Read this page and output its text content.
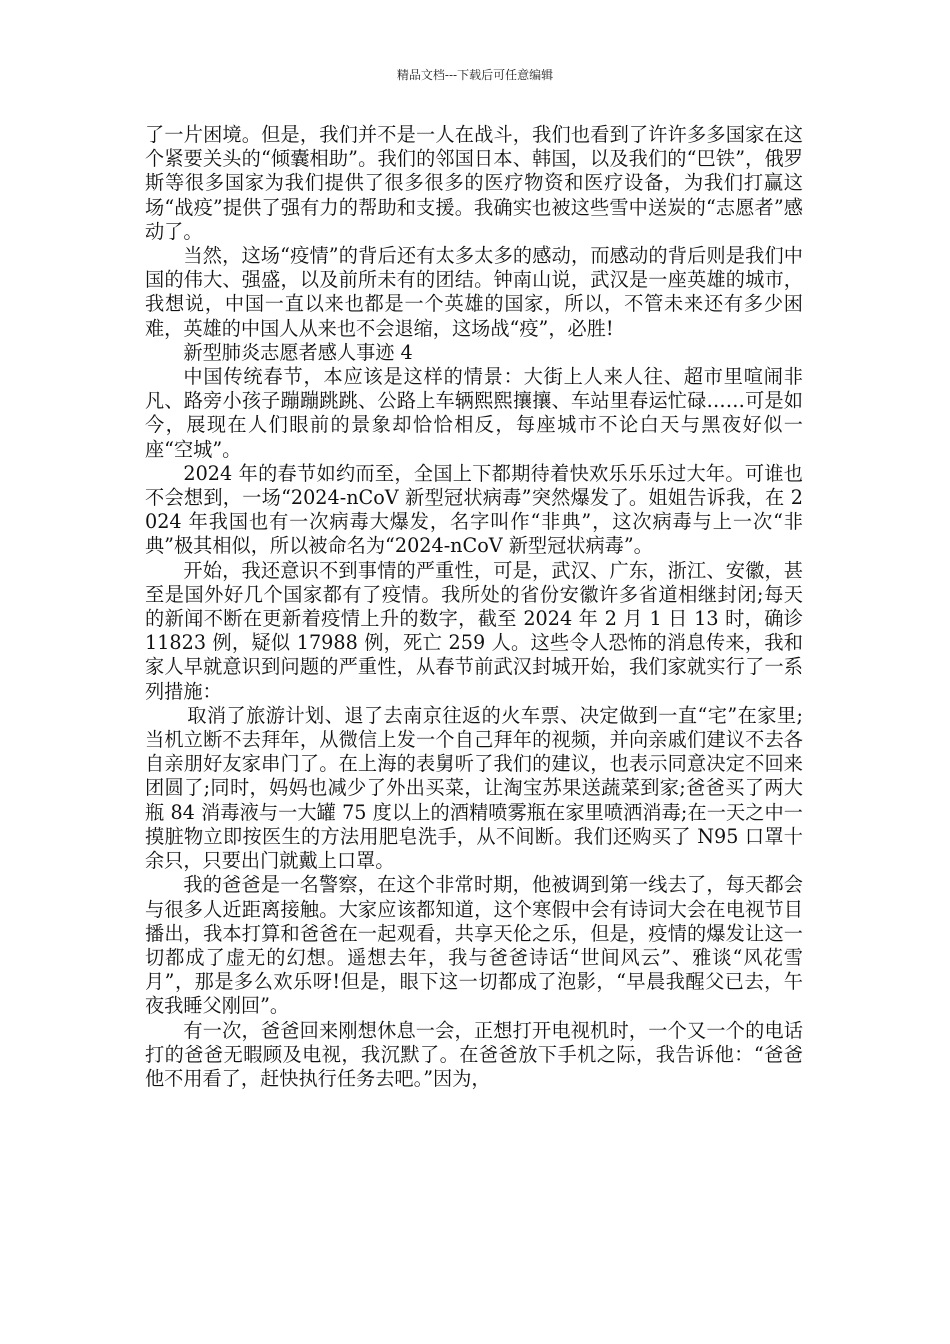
精品文档---下载后可任意编辑

了一片困境。但是，我们并不是一人在战斗，我们也看到了许许多多国家在这个紧要关头的“倾囊相助”。我们的邻国日本、韩国，以及我们的“巴铁”，俄罗斯等很多国家为我们提供了很多很多的医疗物资和医疗设备，为我们打赢这场“战疫”提供了强有力的帮助和支援。我确实也被这些雪中送炭的“志愿者”感动了。

当然，这场“疫情”的背后还有太多太多的感动，而感动的背后则是我们中国的伟大、强盛，以及前所未有的团结。钟南山说，武汉是一座英雄的城市，我想说，中国一直以来也都是一个英雄的国家，所以，不管未来还有多少困难，英雄的中国人从来也不会退缩，这场战“疫”，必胜!

新型肺炎志愿者感人事迹 4

中国传统春节，本应该是这样的情景：大街上人来人往、超市里喧闹非凡、路旁小孩子蹦蹦跳跳、公路上车辆熙熙攘攘、车站里春运忙碌……可是如今，展现在人们眼前的景象却恰恰相反，每座城市不论白天与黑夜好似一座“空城”。

2024 年的春节如约而至，全国上下都期待着快欢乐乐乐过大年。可谁也不会想到，一场“2024-nCoV 新型冠状病毒”突然爆发了。姐姐告诉我，在 2024 年我国也有一次病毒大爆发，名字叫作“非典”，这次病毒与上一次“非典”极其相似，所以被命名为“2024-nCoV 新型冠状病毒”。

开始，我还意识不到事情的严重性，可是，武汉、广东，浙江、安徽，甚至是国外好几个国家都有了疫情。我所处的省份安徽许多省道相继封闭;每天的新闻不断在更新着疫情上升的数字，截至 2024 年 2 月 1 日 13 时，确诊 11823 例，疑似 17988 例，死亡 259 人。这些令人恐怖的消息传来，我和家人早就意识到问题的严重性，从春节前武汉封城开始，我们家就实行了一系列措施：

取消了旅游计划、退了去南京往返的火车票、决定做到一直“宅”在家里;当机立断不去拜年，从微信上发一个自己拜年的视频，并向亲戚们建议不去各自亲朋好友家串门了。在上海的表舅听了我们的建议，也表示同意决定不回来团圆了;同时，妈妈也减少了外出买菜，让淘宝苏果送蔬菜到家;爸爸买了两大瓶 84 消毒液与一大罐 75 度以上的酒精喷雾瓶在家里喷洒消毒;在一天之中一摸脏物立即按医生的方法用肥皂洗手，从不间断。我们还购买了 N95 口罩十余只，只要出门就戴上口罩。

我的爸爸是一名警察，在这个非常时期，他被调到第一线去了，每天都会与很多人近距离接触。大家应该都知道，这个寒假中会有诗词大会在电视节目播出，我本打算和爸爸在一起观看，共享天伦之乐，但是，疫情的爆发让这一切都成了虚无的幻想。遥想去年，我与爸爸诗话“世间风云”、雅谈“风花雪月”，那是多么欢乐呀!但是，眼下这一切都成了泡影，“早晨我醒父已去，午夜我睡父刚回”。

有一次，爸爸回来刚想休息一会，正想打开电视机时，一个又一个的电话打的爸爸无暇顾及电视，我沉默了。在爸爸放下手机之际，我告诉他：“爸爸他不用看了，赶快执行任务去吧。”因为，
